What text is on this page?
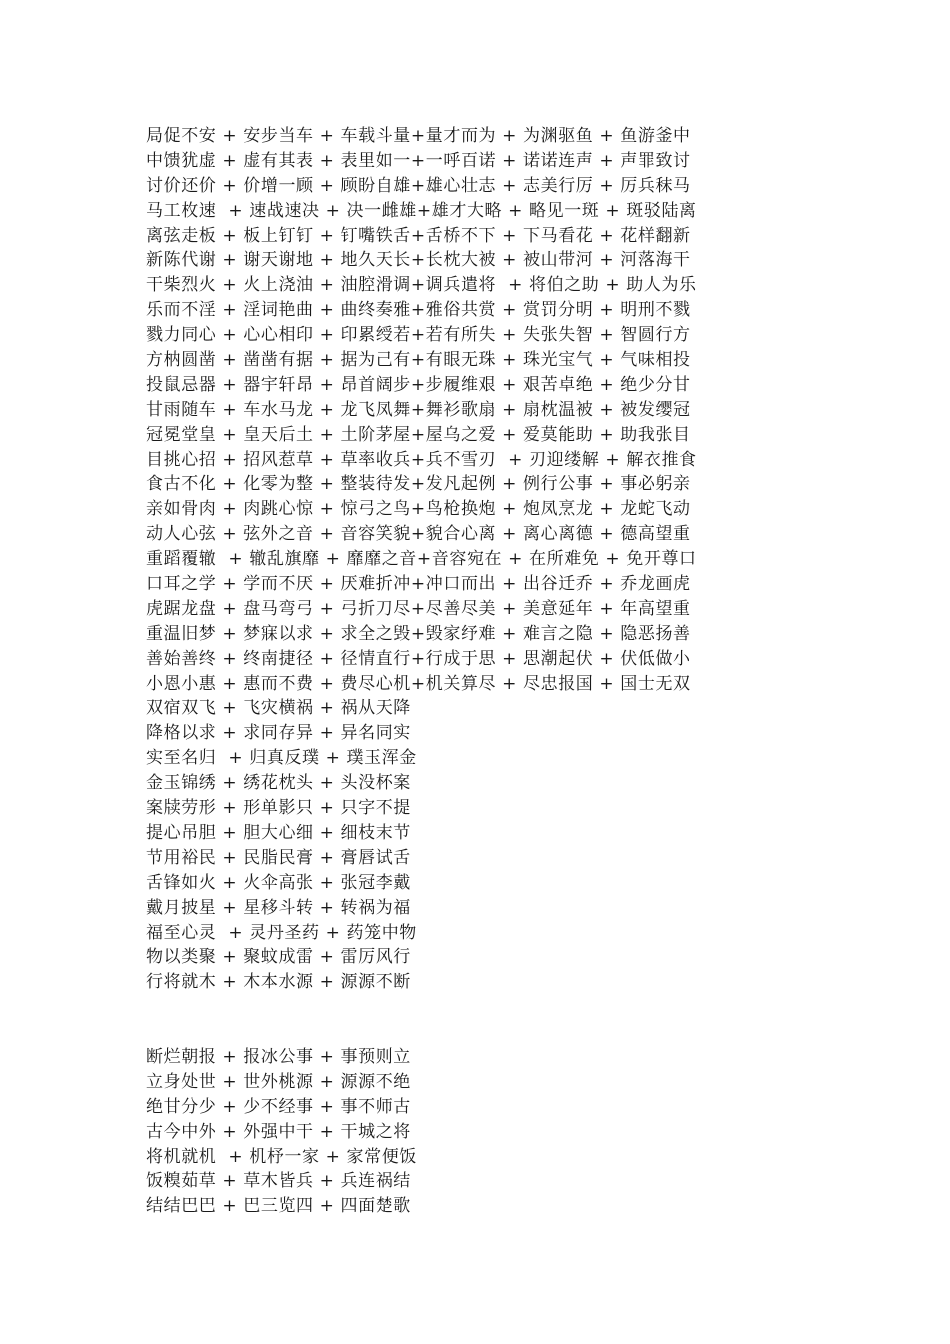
局促不安 + 安步当车 + 车载斗量+量才而为 + 为渊驱鱼 + 鱼游釜中
中馈犹虚 + 虚有其表 + 表里如一+一呼百诺 + 诺诺连声 + 声罪致讨
讨价还价 + 价增一顾 + 顾盼自雄+雄心壮志 + 志美行厉 + 厉兵秣马
马工枚速  + 速战速决 + 决一雌雄+雄才大略 + 略见一斑 + 斑驳陆离
离弦走板 + 板上钉钉 + 钉嘴铁舌+舌桥不下 + 下马看花 + 花样翻新
新陈代谢 + 谢天谢地 + 地久天长+长枕大被 + 被山带河 + 河落海干
干柴烈火 + 火上浇油 + 油腔滑调+调兵遣将  + 将伯之助 + 助人为乐
乐而不淫 + 淫词艳曲 + 曲终奏雅+雅俗共赏 + 赏罚分明 + 明刑不戮
戮力同心 + 心心相印 + 印累绶若+若有所失 + 失张失智 + 智圆行方
方枘圆凿 + 凿凿有据 + 据为己有+有眼无珠 + 珠光宝气 + 气味相投
投鼠忌器 + 器宇轩昂 + 昂首阔步+步履维艰 + 艰苦卓绝 + 绝少分甘
甘雨随车 + 车水马龙 + 龙飞凤舞+舞衫歌扇 + 扇枕温被 + 被发缨冠
冠冕堂皇 + 皇天后土 + 土阶茅屋+屋乌之爱 + 爱莫能助 + 助我张目
目挑心招 + 招风惹草 + 草率收兵+兵不雪刃  + 刃迎缕解 + 解衣推食
食古不化 + 化零为整 + 整装待发+发凡起例 + 例行公事 + 事必躬亲
亲如骨肉 + 肉跳心惊 + 惊弓之鸟+鸟枪换炮 + 炮凤烹龙 + 龙蛇飞动
动人心弦 + 弦外之音 + 音容笑貌+貌合心离 + 离心离德 + 德高望重
重蹈覆辙  + 辙乱旗靡 + 靡靡之音+音容宛在 + 在所难免 + 免开尊口
口耳之学 + 学而不厌 + 厌难折冲+冲口而出 + 出谷迁乔 + 乔龙画虎
虎踞龙盘 + 盘马弯弓 + 弓折刀尽+尽善尽美 + 美意延年 + 年高望重
重温旧梦 + 梦寐以求 + 求全之毁+毁家纾难 + 难言之隐 + 隐恶扬善
善始善终 + 终南捷径 + 径情直行+行成于思 + 思潮起伏 + 伏低做小
小恩小惠 + 惠而不费 + 费尽心机+机关算尽 + 尽忠报国 + 国士无双
双宿双飞 + 飞灾横祸 + 祸从天降
降格以求 + 求同存异 + 异名同实
实至名归  + 归真反璞 + 璞玉浑金
金玉锦绣 + 绣花枕头 + 头没杯案
案牍劳形 + 形单影只 + 只字不提
提心吊胆 + 胆大心细 + 细枝末节
节用裕民 + 民脂民膏 + 膏唇试舌
舌锋如火 + 火伞高张 + 张冠李戴
戴月披星 + 星移斗转 + 转祸为福
福至心灵  + 灵丹圣药 + 药笼中物
物以类聚 + 聚蚊成雷 + 雷厉风行
行将就木 + 木本水源 + 源源不断
断烂朝报 + 报冰公事 + 事预则立
立身处世 + 世外桃源 + 源源不绝
绝甘分少 + 少不经事 + 事不师古
古今中外 + 外强中干 + 干城之将
将机就机  + 机杼一家 + 家常便饭
饭糗茹草 + 草木皆兵 + 兵连祸结
结结巴巴 + 巴三览四 + 四面楚歌
